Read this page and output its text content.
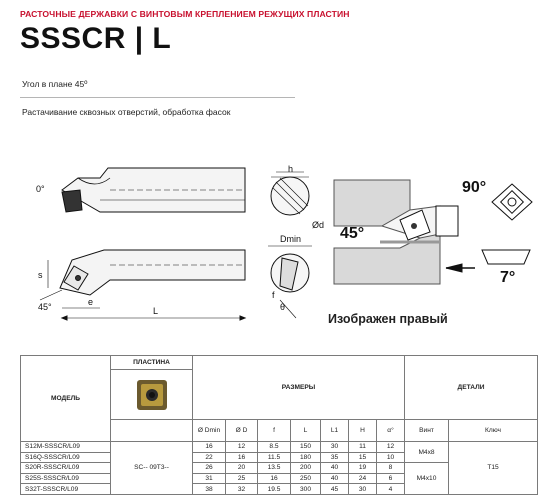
РАСТОЧНЫЕ ДЕРЖАВКИ С ВИНТОВЫМ КРЕПЛЕНИЕМ РЕЖУЩИХ ПЛАСТИН
SSSCR | L
Угол в плане 45º
Растачивание сквозных отверстий, обработка фасок
0°
s
45°	e
L
h
Ød
Dmin
f
θ
45°
90°
7°
Изображен правый
МОДЕЛЬ	ПЛАСТИНА	РАЗМЕРЫ							ДЕТАЛИ	

		Ø Dmin	Ø D	f	L	L1	H	α°	Винт	Ключ
S12M-SSSCR/L09	SC-- 09T3--	16	12	8.5	150	30	11	12	M4x8	T15
S16Q-SSSCR/L09		22	16	11.5	180	35	15	10		
S20R-SSSCR/L09		26	20	13.5	200	40	19	8	M4x10	
S25S-SSSCR/L09		31	25	16	250	40	24	6		
S32T-SSSCR/L09		38	32	19.5	300	45	30	4		
